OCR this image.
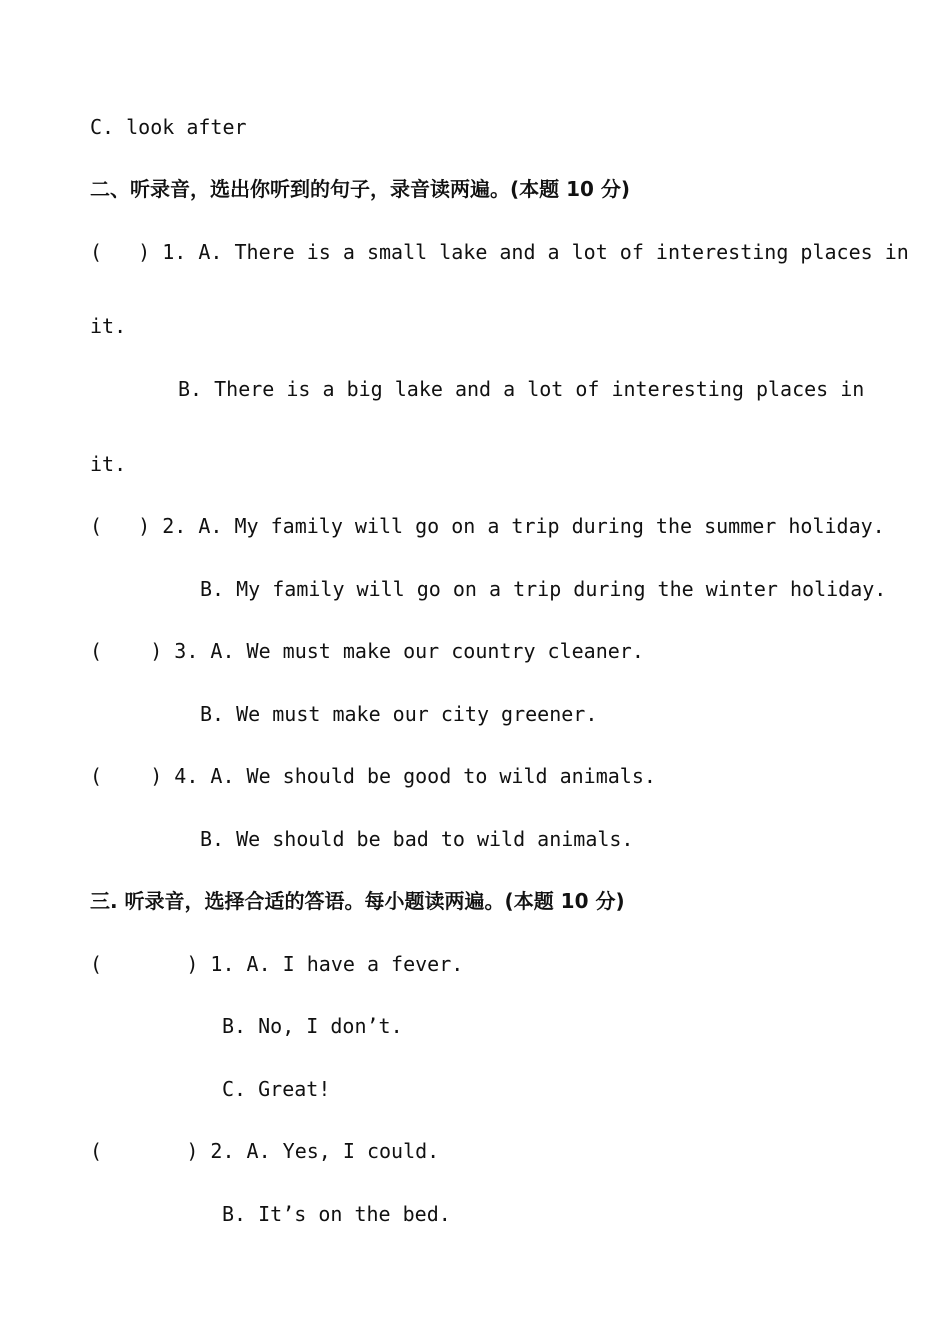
C. look after
二、听录音，选出你听到的句子，录音读两遍。(本题 10 分)
(   ) 1. A. There is a small lake and a lot of interesting places in
it.
B. There is a big lake and a lot of interesting places in
it.
(   ) 2. A. My family will go on a trip during the summer holiday.
B. My family will go on a trip during the winter holiday.
(    ) 3. A. We must make our country cleaner.
B. We must make our city greener.
(    ) 4. A. We should be good to wild animals.
B. We should be bad to wild animals.
三. 听录音，选择合适的答语。每小题读两遍。(本题 10 分)
(       ) 1. A. I have a fever.
B. No, I don’t.
C. Great!
(       ) 2. A. Yes, I could.
B. It’s on the bed.
